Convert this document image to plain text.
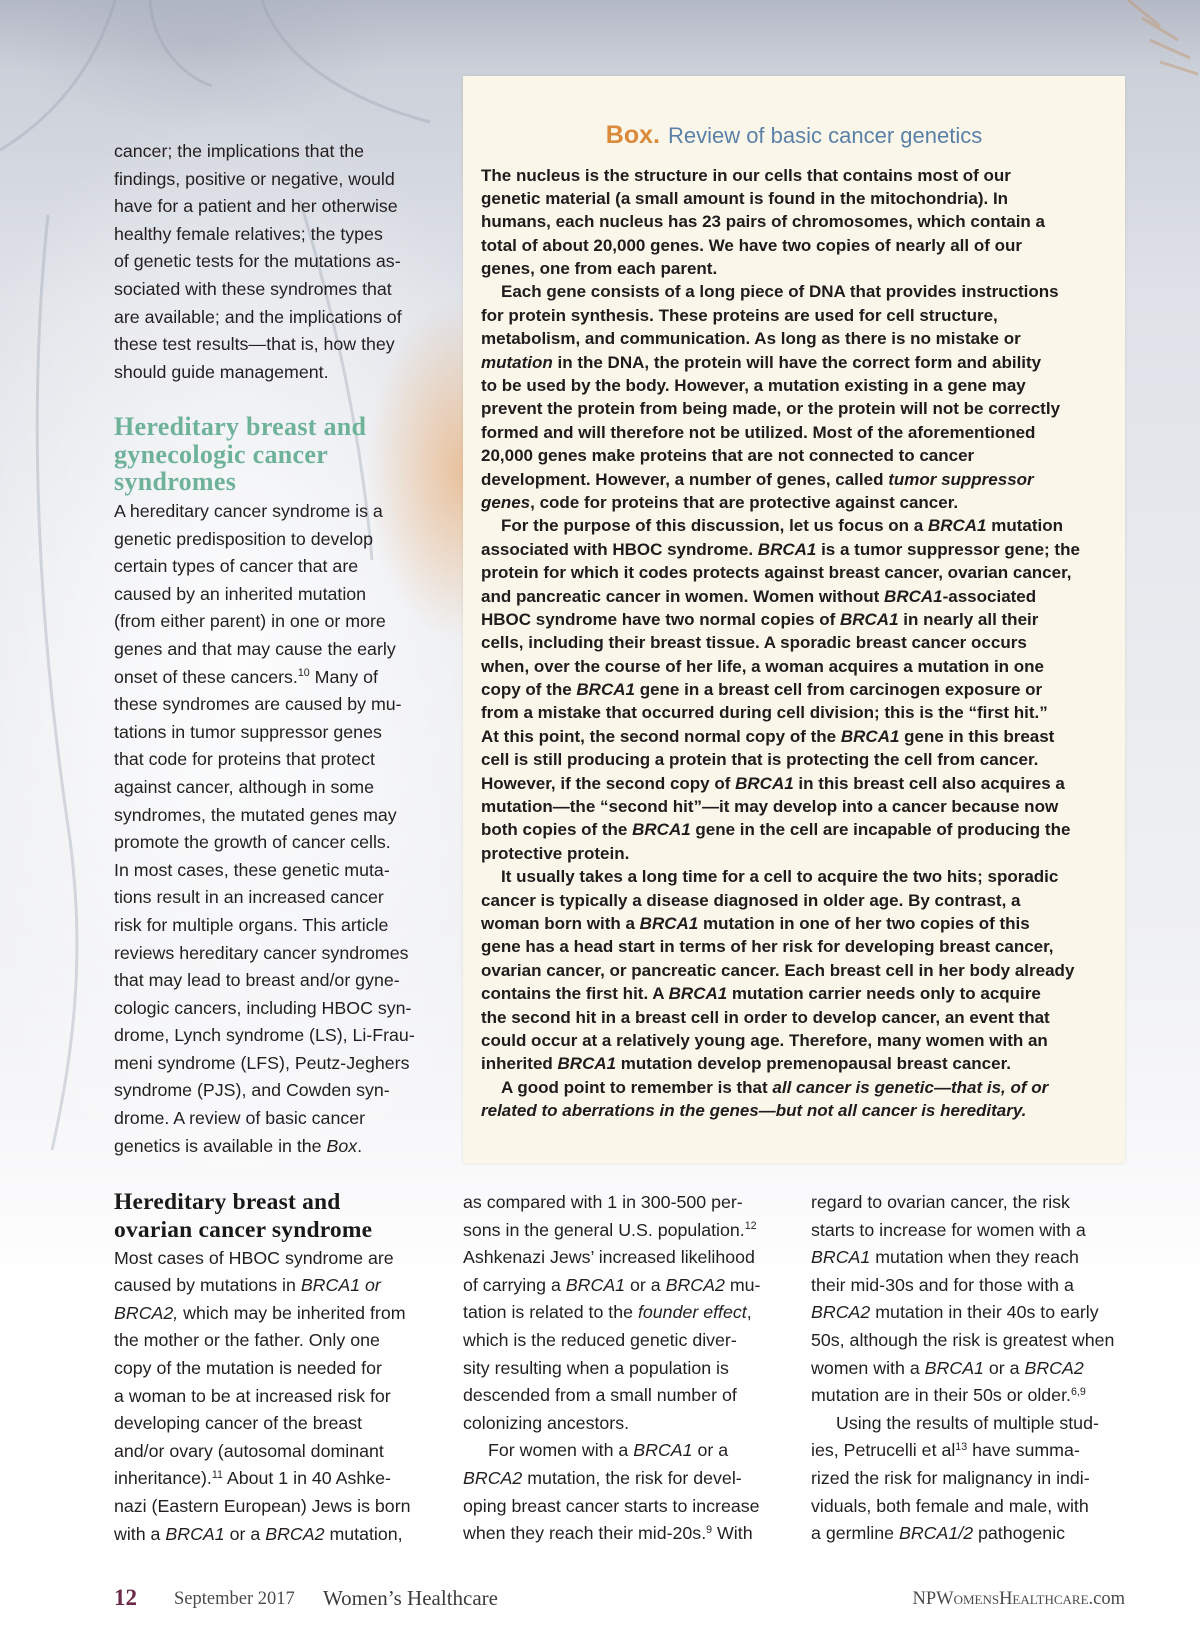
cancer; the implications that the
findings, positive or negative, would
have for a patient and her otherwise
healthy female relatives; the types
of genetic tests for the mutations as-
sociated with these syndromes that
are available; and the implications of
these test results—that is, how they
should guide management.
Hereditary breast and
gynecologic cancer
syndromes
A hereditary cancer syndrome is a
genetic predisposition to develop
certain types of cancer that are
caused by an inherited mutation
(from either parent) in one or more
genes and that may cause the early
onset of these cancers.$^{10}$ Many of
these syndromes are caused by mu-
tations in tumor suppressor genes
that code for proteins that protect
against cancer, although in some
syndromes, the mutated genes may
promote the growth of cancer cells.
In most cases, these genetic muta-
tions result in an increased cancer
risk for multiple organs. This article
reviews hereditary cancer syndromes
that may lead to breast and/or gyne-
cologic cancers, including HBOC syn-
drome, Lynch syndrome (LS), Li-Frau-
meni syndrome (LFS), Peutz-Jeghers
syndrome (PJS), and Cowden syn-
drome. A review of basic cancer
genetics is available in the Box.
Box. Review of basic cancer genetics
The nucleus is the structure in our cells that contains most of our
genetic material (a small amount is found in the mitochondria). In
humans, each nucleus has 23 pairs of chromosomes, which contain a
total of about 20,000 genes. We have two copies of nearly all of our
genes, one from each parent.
Each gene consists of a long piece of DNA that provides instructions
for protein synthesis. These proteins are used for cell structure,
metabolism, and communication. As long as there is no mistake or
mutation in the DNA, the protein will have the correct form and ability
to be used by the body. However, a mutation existing in a gene may
prevent the protein from being made, or the protein will not be correctly
formed and will therefore not be utilized. Most of the aforementioned
20,000 genes make proteins that are not connected to cancer
development. However, a number of genes, called tumor suppressor
genes, code for proteins that are protective against cancer.
For the purpose of this discussion, let us focus on a BRCA1 mutation
associated with HBOC syndrome. BRCA1 is a tumor suppressor gene; the
protein for which it codes protects against breast cancer, ovarian cancer,
and pancreatic cancer in women. Women without BRCA1-associated
HBOC syndrome have two normal copies of BRCA1 in nearly all their
cells, including their breast tissue. A sporadic breast cancer occurs
when, over the course of her life, a woman acquires a mutation in one
copy of the BRCA1 gene in a breast cell from carcinogen exposure or
from a mistake that occurred during cell division; this is the “first hit.”
At this point, the second normal copy of the BRCA1 gene in this breast
cell is still producing a protein that is protecting the cell from cancer.
However, if the second copy of BRCA1 in this breast cell also acquires a
mutation—the “second hit”—it may develop into a cancer because now
both copies of the BRCA1 gene in the cell are incapable of producing the
protective protein.
It usually takes a long time for a cell to acquire the two hits; sporadic
cancer is typically a disease diagnosed in older age. By contrast, a
woman born with a BRCA1 mutation in one of her two copies of this
gene has a head start in terms of her risk for developing breast cancer,
ovarian cancer, or pancreatic cancer. Each breast cell in her body already
contains the first hit. A BRCA1 mutation carrier needs only to acquire
the second hit in a breast cell in order to develop cancer, an event that
could occur at a relatively young age. Therefore, many women with an
inherited BRCA1 mutation develop premenopausal breast cancer.
A good point to remember is that all cancer is genetic—that is, of or
related to aberrations in the genes—but not all cancer is hereditary.
Hereditary breast and
ovarian cancer syndrome
Most cases of HBOC syndrome are
caused by mutations in BRCA1 or
BRCA2, which may be inherited from
the mother or the father. Only one
copy of the mutation is needed for
a woman to be at increased risk for
developing cancer of the breast
and/or ovary (autosomal dominant
inheritance).$^{11}$ About 1 in 40 Ashke-
nazi (Eastern European) Jews is born
with a BRCA1 or a BRCA2 mutation,
as compared with 1 in 300-500 per-
sons in the general U.S. population.$^{12}$
Ashkenazi Jews’ increased likelihood
of carrying a BRCA1 or a BRCA2 mu-
tation is related to the founder effect,
which is the reduced genetic diver-
sity resulting when a population is
descended from a small number of
colonizing ancestors.
For women with a BRCA1 or a
BRCA2 mutation, the risk for devel-
oping breast cancer starts to increase
when they reach their mid-20s.$^9$ With
regard to ovarian cancer, the risk
starts to increase for women with a
BRCA1 mutation when they reach
their mid-30s and for those with a
BRCA2 mutation in their 40s to early
50s, although the risk is greatest when
women with a BRCA1 or a BRCA2
mutation are in their 50s or older.$^{6,9}$
Using the results of multiple stud-
ies, Petrucelli et $al^{13}$ have summa-
rized the risk for malignancy in indi-
viduals, both female and male, with
a germline BRCA1/2 pathogenic
12 September 2017 Women’s Healthcare	NPWomensHealthcare.com
